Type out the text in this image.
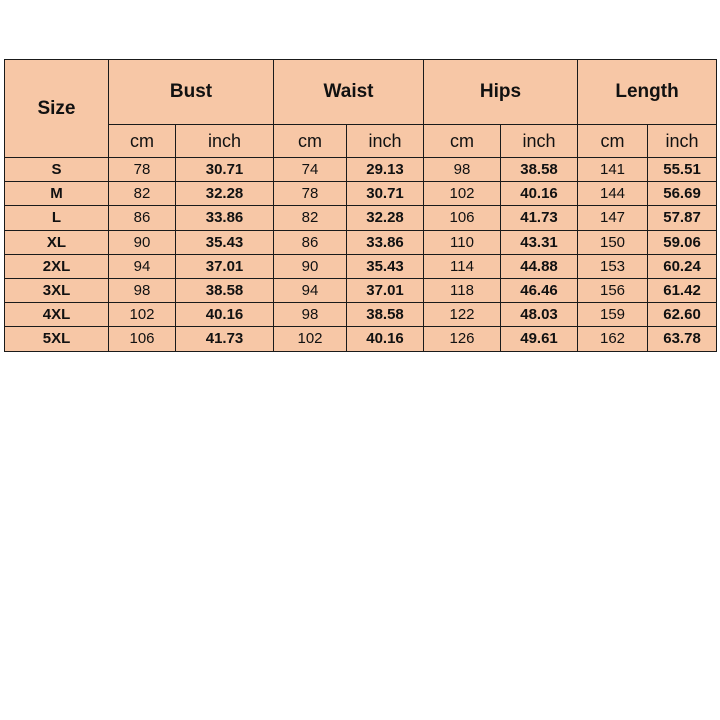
Size	Bust		Waist		Hips		Length	
	cm	inch	cm	inch	cm	inch	cm	inch
S	78	30.71	74	29.13	98	38.58	141	55.51
M	82	32.28	78	30.71	102	40.16	144	56.69
L	86	33.86	82	32.28	106	41.73	147	57.87
XL	90	35.43	86	33.86	110	43.31	150	59.06
2XL	94	37.01	90	35.43	114	44.88	153	60.24
3XL	98	38.58	94	37.01	118	46.46	156	61.42
4XL	102	40.16	98	38.58	122	48.03	159	62.60
5XL	106	41.73	102	40.16	126	49.61	162	63.78
